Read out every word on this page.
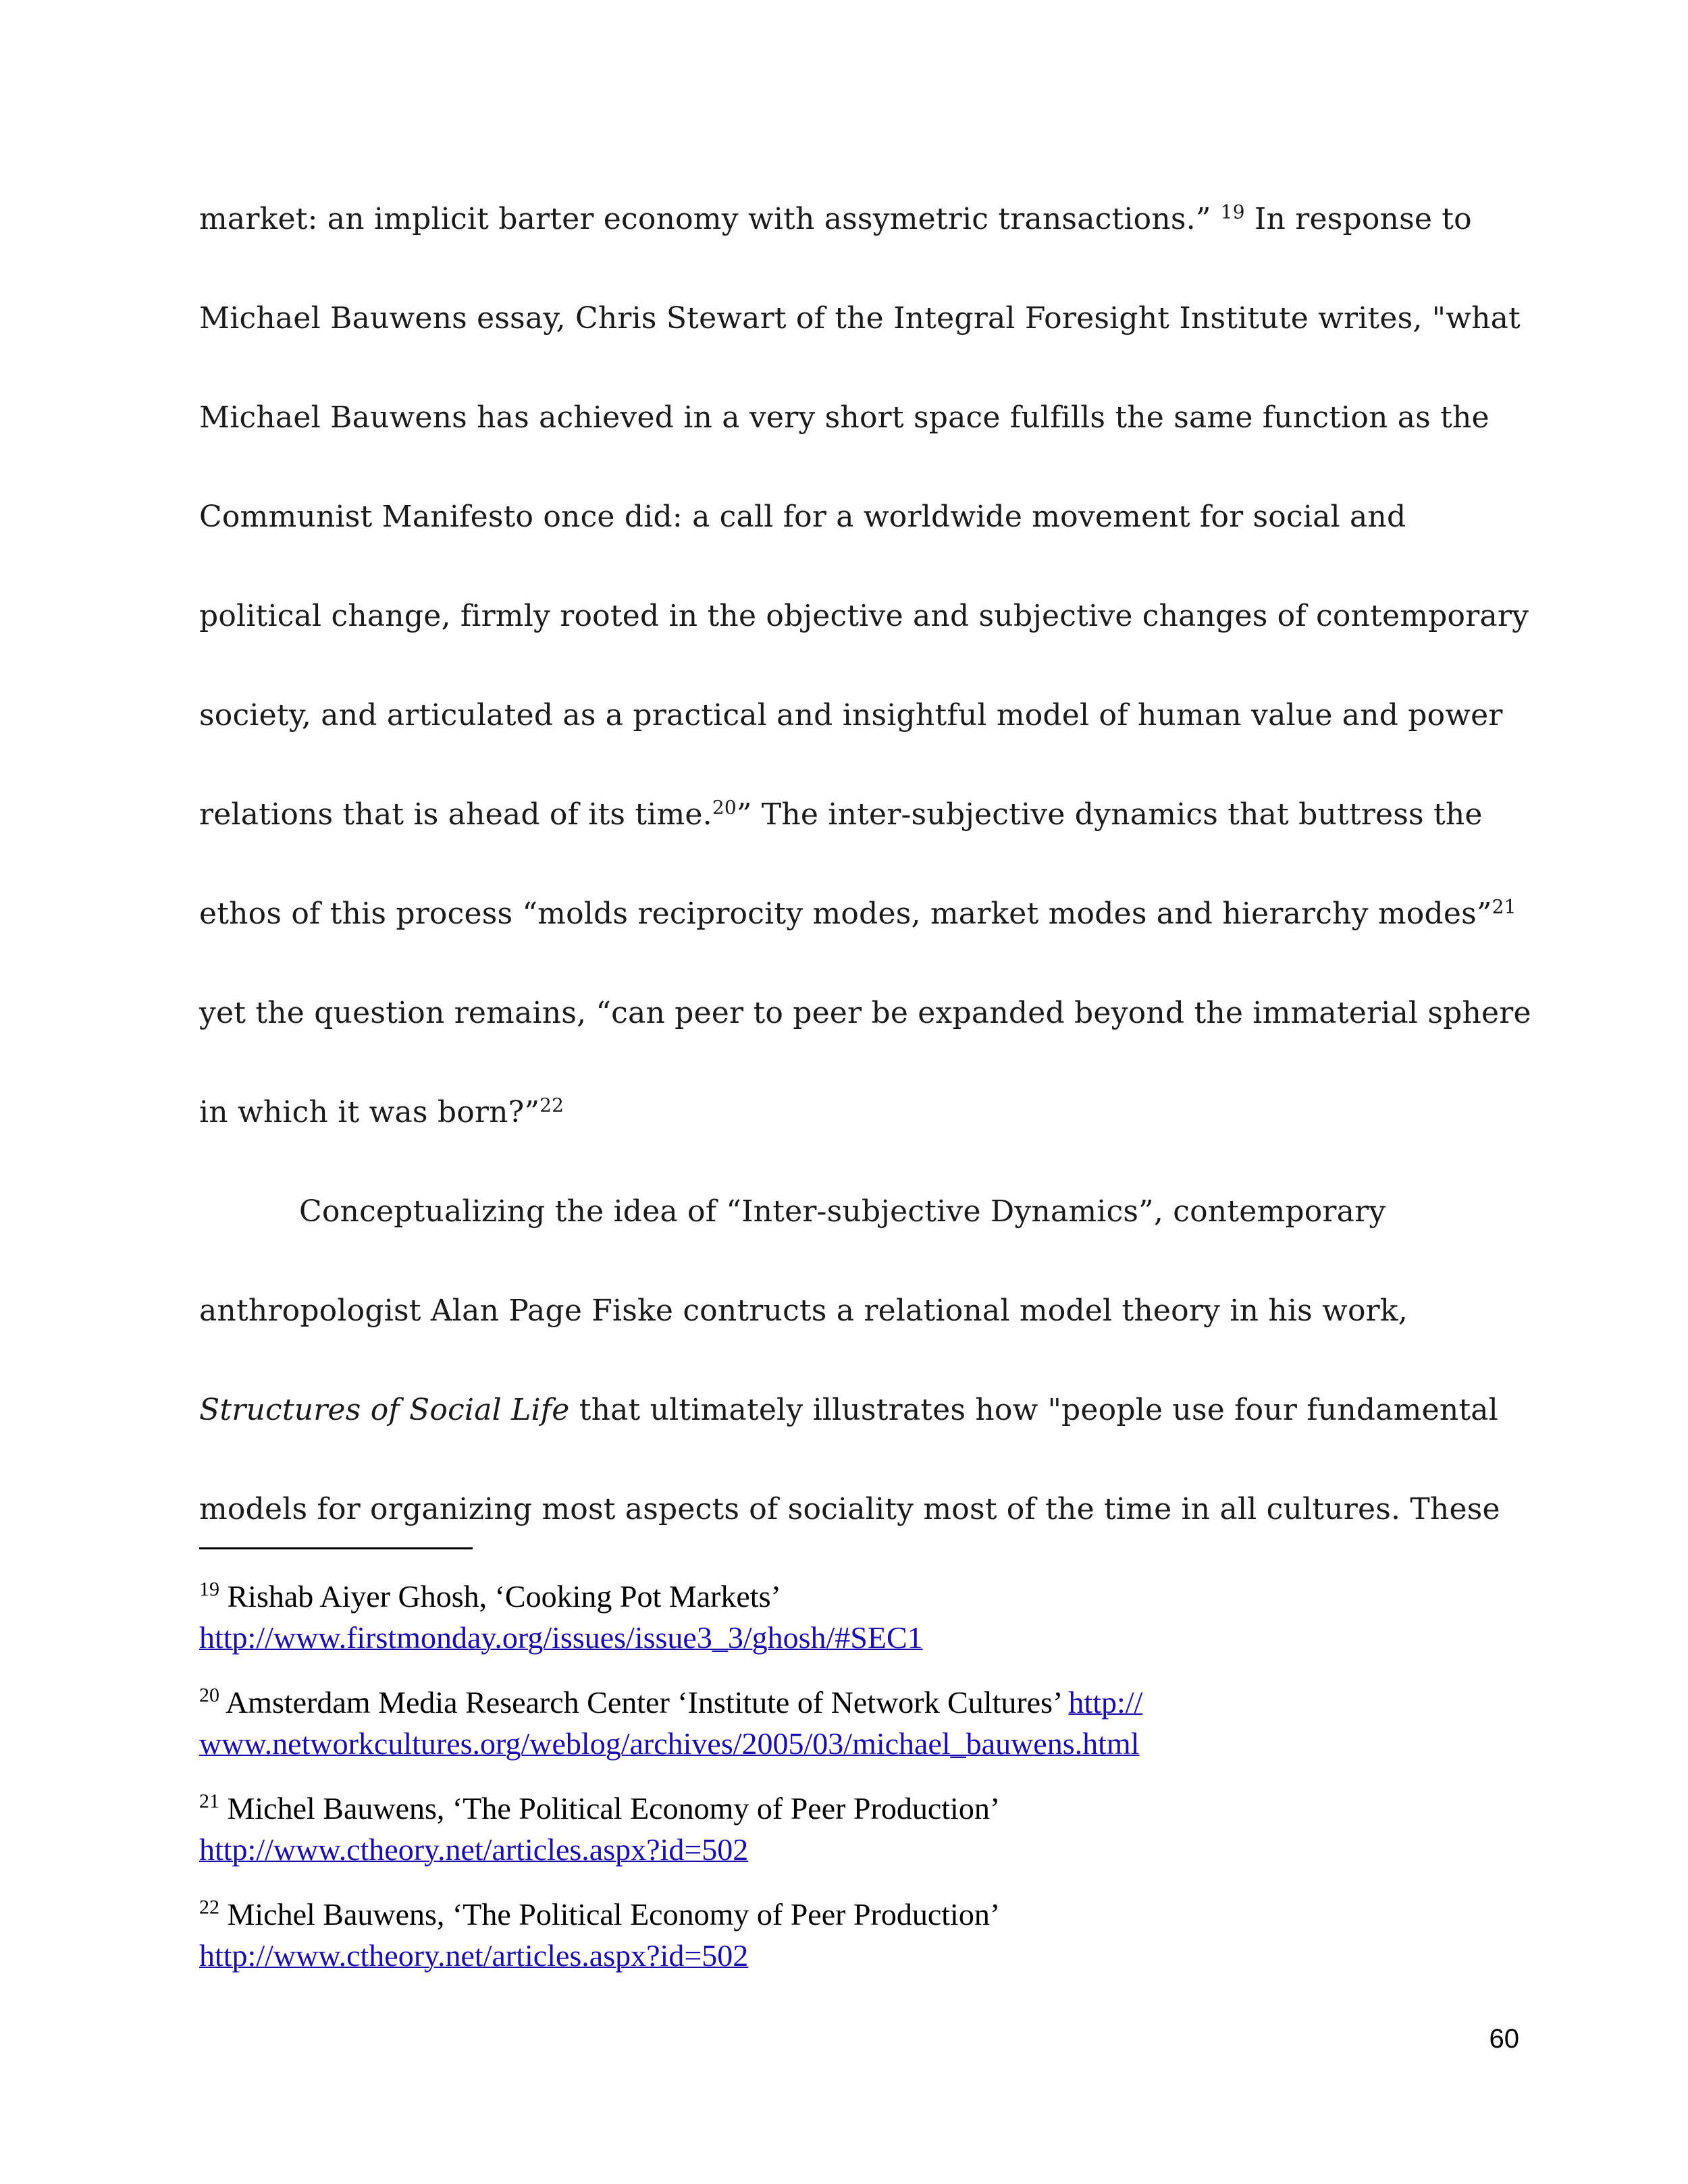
market: an implicit barter economy with assymetric transactions.” $^{19}$ In response to
Michael Bauwens essay, Chris Stewart of the Integral Foresight Institute writes, "what
Michael Bauwens has achieved in a very short space fulfills the same function as the
Communist Manifesto once did: a call for a worldwide movement for social and
political change, firmly rooted in the objective and subjective changes of contemporary
society, and articulated as a practical and insightful model of human value and power
relations that is ahead of its time.$^{20}$” The inter-subjective dynamics that buttress the
ethos of this process “molds reciprocity modes, market modes and hierarchy modes”$^{21}$
yet the question remains, “can peer to peer be expanded beyond the immaterial sphere
in which it was born?”$^{22}$
Conceptualizing the idea of “Inter-subjective Dynamics”, contemporary
anthropologist Alan Page Fiske contructs a relational model theory in his work,
Structures of Social Life that ultimately illustrates how "people use four fundamental
models for organizing most aspects of sociality most of the time in all cultures. These
$^{19}$ Rishab Aiyer Ghosh, ‘Cooking Pot Markets’
http://www.firstmonday.org/issues/issue3_3/ghosh/#SEC1
$^{20}$ Amsterdam Media Research Center ‘Institute of Network Cultures’ http://
www.networkcultures.org/weblog/archives/2005/03/michael_bauwens.html
$^{21}$ Michel Bauwens, ‘The Political Economy of Peer Production’
http://www.ctheory.net/articles.aspx?id=502
$^{22}$ Michel Bauwens, ‘The Political Economy of Peer Production’
http://www.ctheory.net/articles.aspx?id=502
60
